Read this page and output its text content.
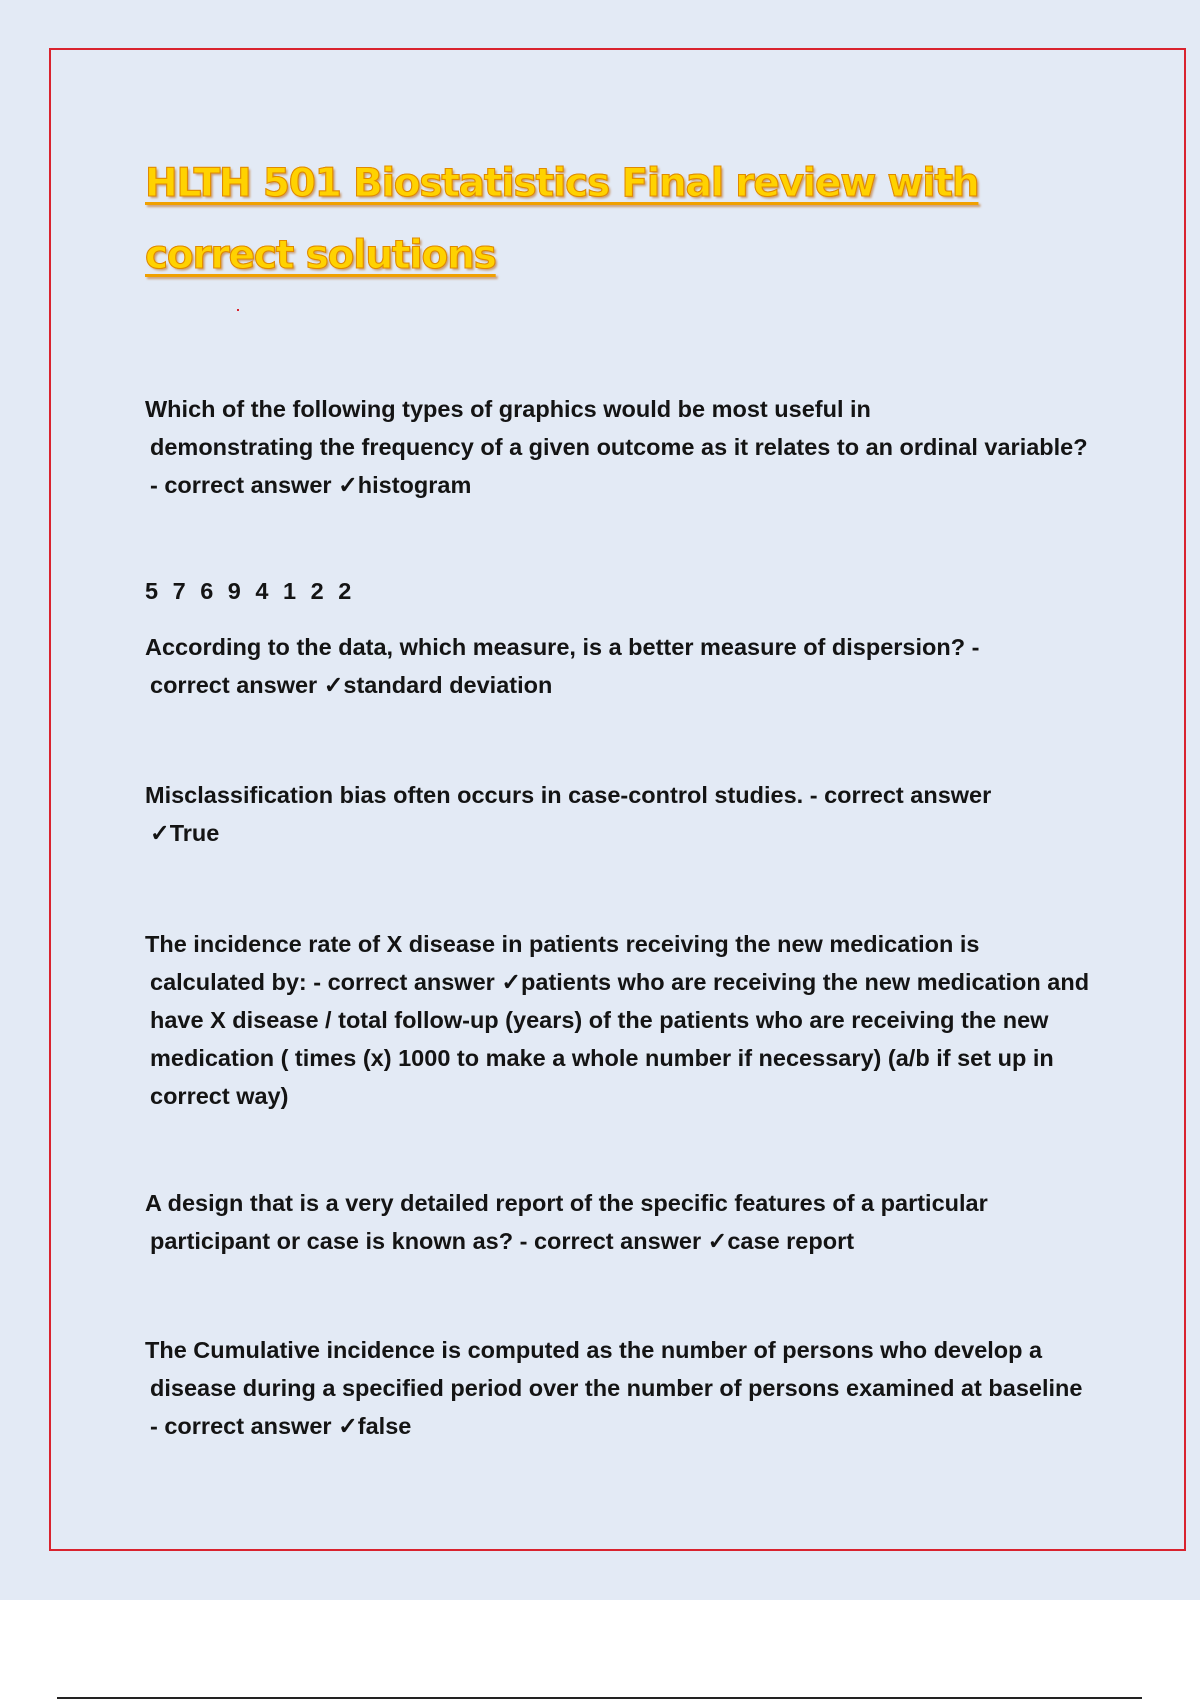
HLTH 501 Biostatistics Final review with correct solutions
Which of the following types of graphics would be most useful in
demonstrating the frequency of a given outcome as it relates to an ordinal variable? - correct answer ✓histogram

5 7 6 9 4 1 2 2

According to the data, which measure, is a better measure of dispersion? -
correct answer ✓standard deviation
Misclassification bias often occurs in case-control studies. - correct answer
✓True
The incidence rate of X disease in patients receiving the new medication is
calculated by: - correct answer ✓patients who are receiving the new medication and have X disease / total follow-up (years) of the patients who are receiving the new medication ( times (x) 1000 to make a whole number if necessary) (a/b if set up in correct way)
A design that is a very detailed report of the specific features of a particular
participant or case is known as? - correct answer ✓case report
The Cumulative incidence is computed as the number of persons who develop a
disease during a specified period over the number of persons examined at baseline - correct answer ✓false
